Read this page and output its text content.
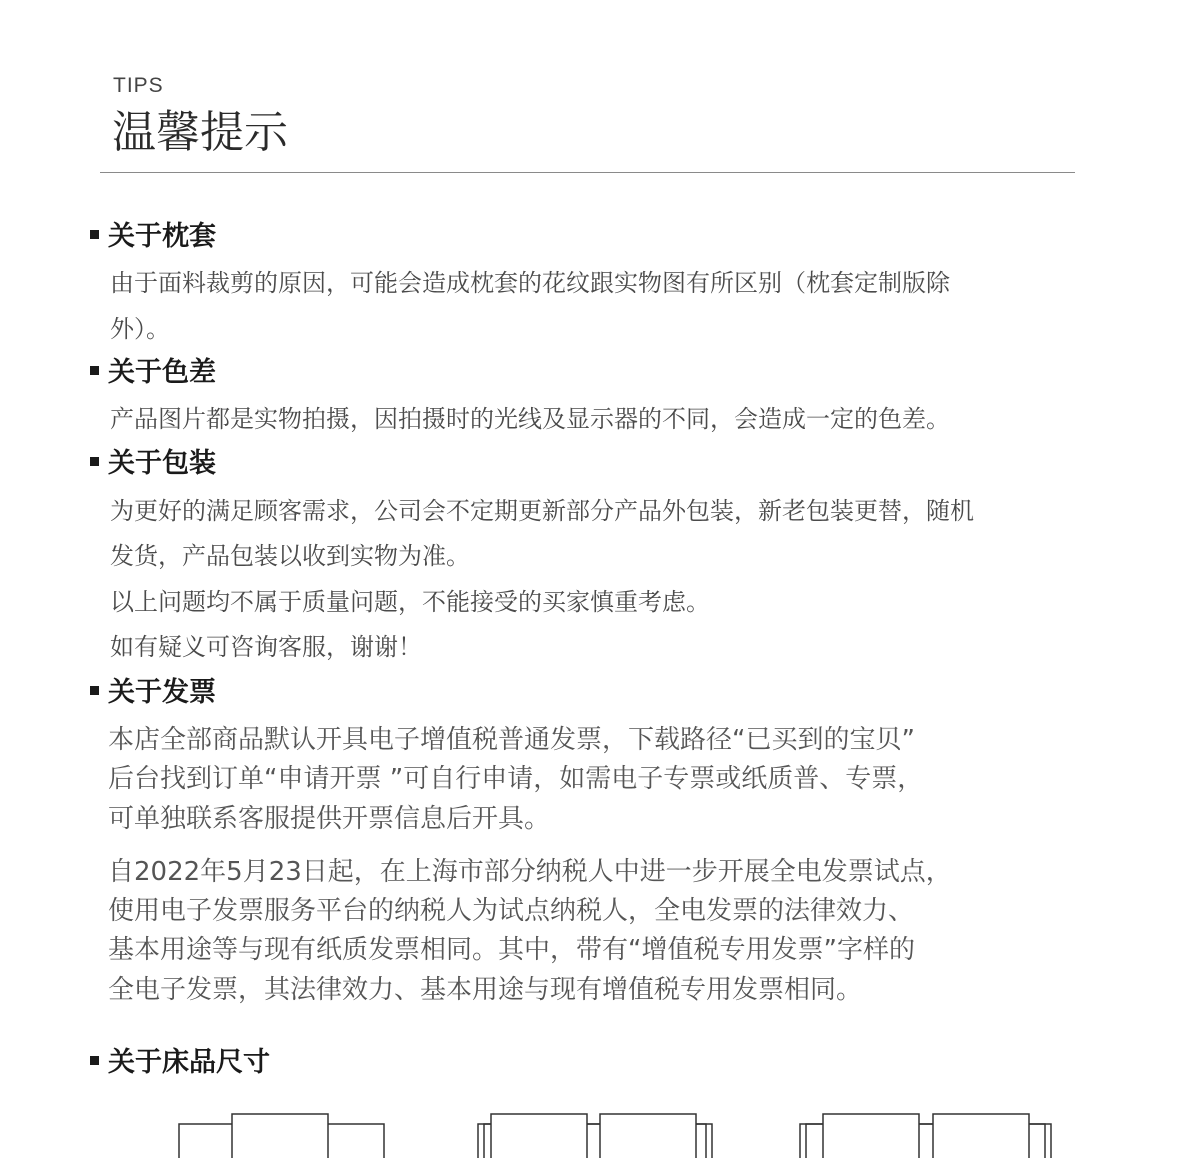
TIPS
温馨提示
关于枕套
由于面料裁剪的原因，可能会造成枕套的花纹跟实物图有所区别（枕套定制版除
外）。
关于色差
产品图片都是实物拍摄，因拍摄时的光线及显示器的不同，会造成一定的色差。
关于包装
为更好的满足顾客需求，公司会不定期更新部分产品外包装，新老包装更替，随机
发货，产品包装以收到实物为准。
以上问题均不属于质量问题，不能接受的买家慎重考虑。
如有疑义可咨询客服，谢谢！
关于发票
本店全部商品默认开具电子增值税普通发票，下载路径“已买到的宝贝”
后台找到订单“申请开票 ”可自行申请，如需电子专票或纸质普、专票，
可单独联系客服提供开票信息后开具。
自2022年5月23日起，在上海市部分纳税人中进一步开展全电发票试点，
使用电子发票服务平台的纳税人为试点纳税人，全电发票的法律效力、
基本用途等与现有纸质发票相同。其中，带有“增值税专用发票”字样的
全电子发票，其法律效力、基本用途与现有增值税专用发票相同。
关于床品尺寸
